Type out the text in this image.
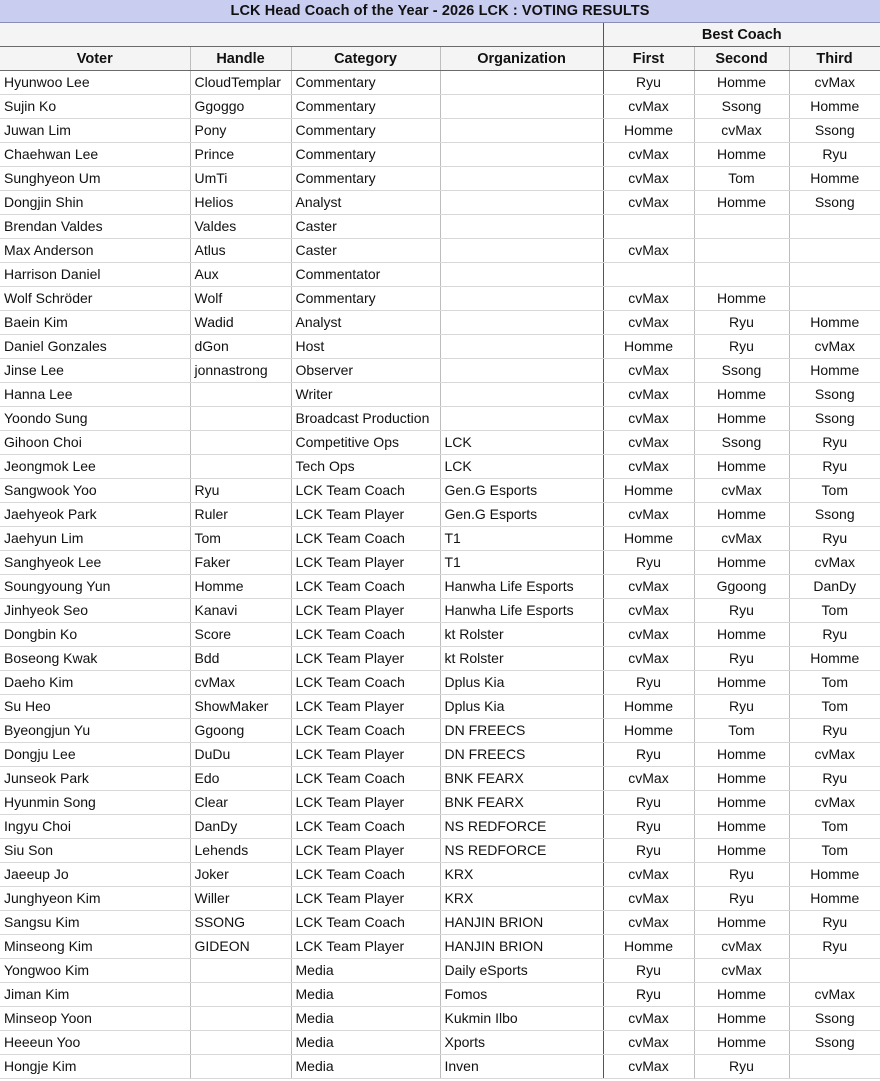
LCK Head Coach of the Year - 2026 LCK : VOTING RESULTS
				Best Coach		
Voter	Handle	Category	Organization	First	Second	Third
Hyunwoo Lee	CloudTemplar	Commentary		Ryu	Homme	cvMax
Sujin Ko	Ggoggo	Commentary		cvMax	Ssong	Homme
Juwan Lim	Pony	Commentary		Homme	cvMax	Ssong
Chaehwan Lee	Prince	Commentary		cvMax	Homme	Ryu
Sunghyeon Um	UmTi	Commentary		cvMax	Tom	Homme
Dongjin Shin	Helios	Analyst		cvMax	Homme	Ssong
Brendan Valdes	Valdes	Caster				
Max Anderson	Atlus	Caster		cvMax		
Harrison Daniel	Aux	Commentator				
Wolf Schröder	Wolf	Commentary		cvMax	Homme	
Baein Kim	Wadid	Analyst		cvMax	Ryu	Homme
Daniel Gonzales	dGon	Host		Homme	Ryu	cvMax
Jinse Lee	jonnastrong	Observer		cvMax	Ssong	Homme
Hanna Lee		Writer		cvMax	Homme	Ssong
Yoondo Sung		Broadcast Production		cvMax	Homme	Ssong
Gihoon Choi		Competitive Ops	LCK	cvMax	Ssong	Ryu
Jeongmok Lee		Tech Ops	LCK	cvMax	Homme	Ryu
Sangwook Yoo	Ryu	LCK Team Coach	Gen.G Esports	Homme	cvMax	Tom
Jaehyeok Park	Ruler	LCK Team Player	Gen.G Esports	cvMax	Homme	Ssong
Jaehyun Lim	Tom	LCK Team Coach	T1	Homme	cvMax	Ryu
Sanghyeok Lee	Faker	LCK Team Player	T1	Ryu	Homme	cvMax
Soungyoung Yun	Homme	LCK Team Coach	Hanwha Life Esports	cvMax	Ggoong	DanDy
Jinhyeok Seo	Kanavi	LCK Team Player	Hanwha Life Esports	cvMax	Ryu	Tom
Dongbin Ko	Score	LCK Team Coach	kt Rolster	cvMax	Homme	Ryu
Boseong Kwak	Bdd	LCK Team Player	kt Rolster	cvMax	Ryu	Homme
Daeho Kim	cvMax	LCK Team Coach	Dplus Kia	Ryu	Homme	Tom
Su Heo	ShowMaker	LCK Team Player	Dplus Kia	Homme	Ryu	Tom
Byeongjun Yu	Ggoong	LCK Team Coach	DN FREECS	Homme	Tom	Ryu
Dongju Lee	DuDu	LCK Team Player	DN FREECS	Ryu	Homme	cvMax
Junseok Park	Edo	LCK Team Coach	BNK FEARX	cvMax	Homme	Ryu
Hyunmin Song	Clear	LCK Team Player	BNK FEARX	Ryu	Homme	cvMax
Ingyu Choi	DanDy	LCK Team Coach	NS REDFORCE	Ryu	Homme	Tom
Siu Son	Lehends	LCK Team Player	NS REDFORCE	Ryu	Homme	Tom
Jaeeup Jo	Joker	LCK Team Coach	KRX	cvMax	Ryu	Homme
Junghyeon Kim	Willer	LCK Team Player	KRX	cvMax	Ryu	Homme
Sangsu Kim	SSONG	LCK Team Coach	HANJIN BRION	cvMax	Homme	Ryu
Minseong Kim	GIDEON	LCK Team Player	HANJIN BRION	Homme	cvMax	Ryu
Yongwoo Kim		Media	Daily eSports	Ryu	cvMax	
Jiman Kim		Media	Fomos	Ryu	Homme	cvMax
Minseop Yoon		Media	Kukmin Ilbo	cvMax	Homme	Ssong
Heeeun Yoo		Media	Xports	cvMax	Homme	Ssong
Hongje Kim		Media	Inven	cvMax	Ryu	
